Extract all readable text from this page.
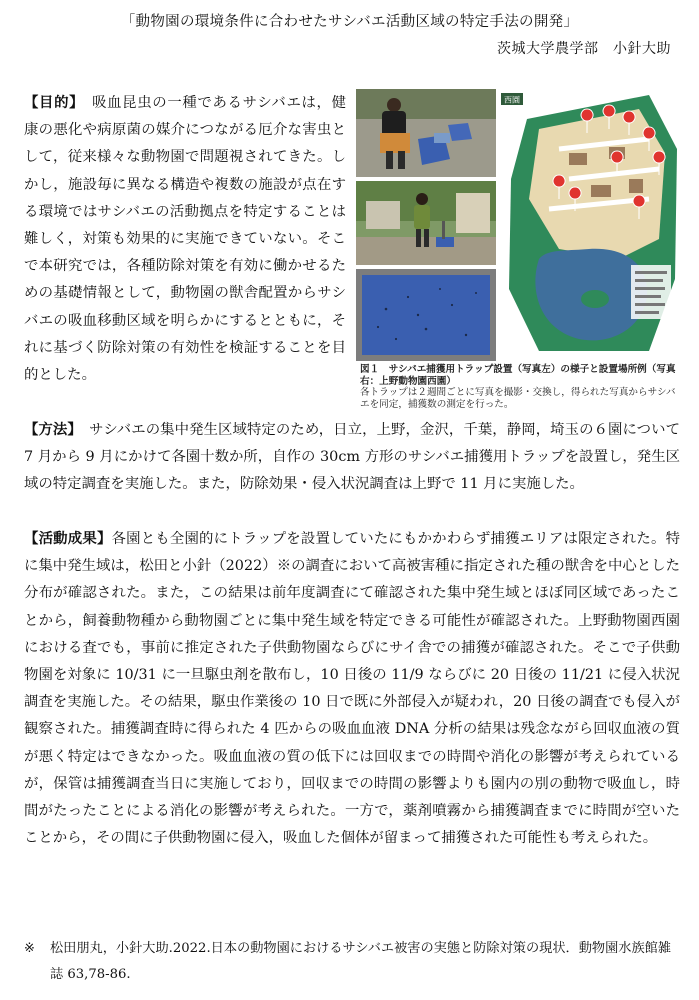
「動物園の環境条件に合わせたサシバエ活動区域の特定手法の開発」
茨城大学農学部　小針大助
【目的】　吸血昆虫の一種であるサシバエは，健康の悪化や病原菌の媒介につながる厄介な害虫として，従来様々な動物園で問題視されてきた。しかし，施設毎に異なる構造や複数の施設が点在する環境ではサシバエの活動拠点を特定することは難しく，対策も効果的に実施できていない。そこで本研究では，各種防除対策を有効に働かせるための基礎情報として，動物園の獣舎配置からサシバエの吸血移動区域を明らかにするとともに，それに基づく防除対策の有効性を検証することを目的とした。
西園
図１　サシバエ捕獲用トラップ設置（写真左）の様子と設置場所例（写真右：上野動物園西園）
各トラップは２週間ごとに写真を撮影・交換し，得られた写真からサシバエを同定，捕獲数の測定を行った。
【方法】　サシバエの集中発生区域特定のため，日立，上野，金沢，千葉，静岡，埼玉の６園について 7 月から 9 月にかけて各園十数か所，自作の 30cm 方形のサシバエ捕獲用トラップを設置し，発生区域の特定調査を実施した。また，防除効果・侵入状況調査は上野で 11 月に実施した。
【活動成果】各園とも全園的にトラップを設置していたにもかかわらず捕獲エリアは限定された。特に集中発生域は，松田と小針（2022）※の調査において高被害種に指定された種の獣舎を中心とした分布が確認された。また，この結果は前年度調査にて確認された集中発生域とほぼ同区域であったことから，飼養動物種から動物園ごとに集中発生域を特定できる可能性が確認された。上野動物園西園における査でも，事前に推定された子供動物園ならびにサイ舎での捕獲が確認された。そこで子供動物園を対象に 10/31 に一旦駆虫剤を散布し，10 日後の 11/9 ならびに 20 日後の 11/21 に侵入状況調査を実施した。その結果，駆虫作業後の 10 日で既に外部侵入が疑われ，20 日後の調査でも侵入が観察された。捕獲調査時に得られた 4 匹からの吸血血液 DNA 分析の結果は残念ながら回収血液の質が悪く特定はできなかった。吸血血液の質の低下には回収までの時間や消化の影響が考えられているが，保管は捕獲調査当日に実施しており，回収までの時間の影響よりも園内の別の動物で吸血し，時間がたったことによる消化の影響が考えられた。一方で，薬剤噴霧から捕獲調査までに時間が空いたことから，その間に子供動物園に侵入，吸血した個体が留まって捕獲された可能性も考えられた。
※	松田朋丸，小針大助.2022.日本の動物園におけるサシバエ被害の実態と防除対策の現状．動物園水族館雑誌 63,78-86.
